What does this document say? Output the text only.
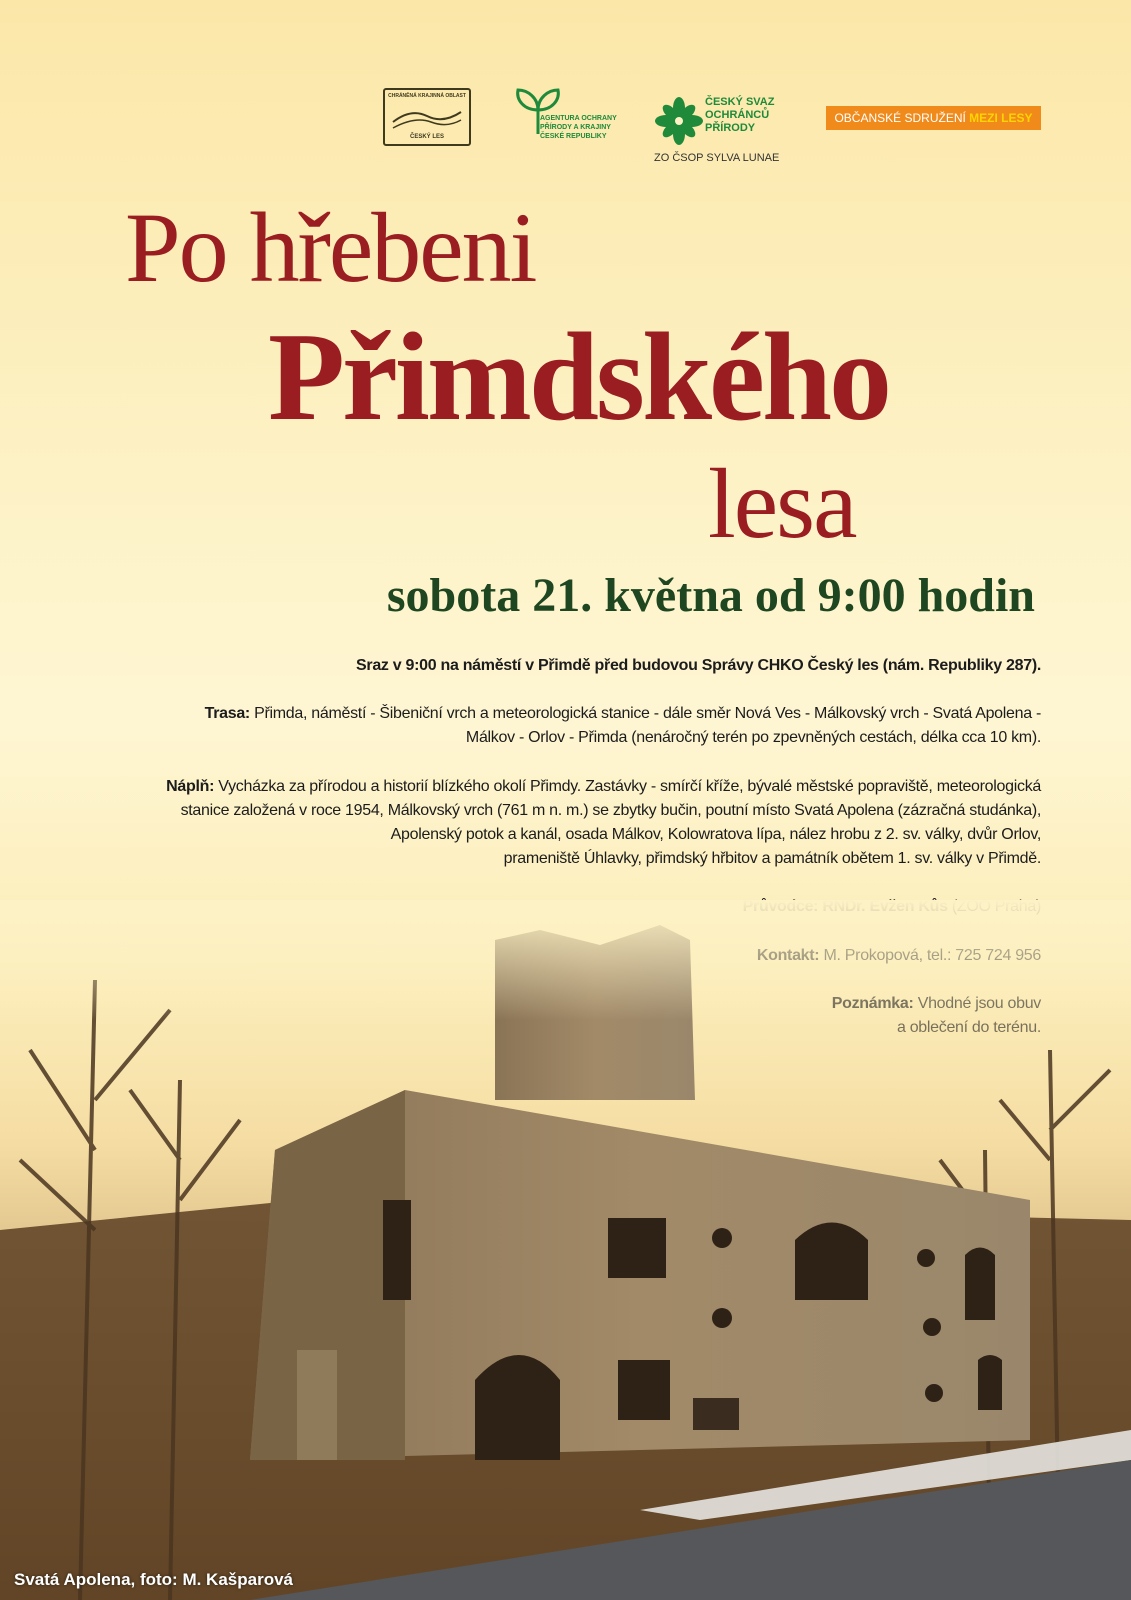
CHRÁNĚNÁ KRAJINNÁ OBLAST
ČESKÝ LES
AGENTURA OCHRANY
PŘÍRODY A KRAJINY
ČESKÉ REPUBLIKY
ČESKÝ SVAZ
OCHRÁNCŮ
PŘÍRODY
ZO ČSOP SYLVA LUNAE
OBČANSKÉ SDRUŽENÍ MEZI LESY
Po hřebeni
Přimdského
lesa
sobota 21. května od 9:00 hodin
Sraz v 9:00 na náměstí v Přimdě před budovou Správy CHKO Český les (nám. Republiky 287).
Trasa: Přimda, náměstí - Šibeniční vrch a meteorologická stanice - dále směr Nová Ves - Málkovský vrch - Svatá Apolena -
Málkov - Orlov - Přimda (nenáročný terén po zpevněných cestách, délka cca 10 km).
Náplň: Vycházka za přírodou a historií blízkého okolí Přimdy. Zastávky - smírčí kříže, bývalé městské popraviště, meteorologická
stanice založená v roce 1954, Málkovský vrch (761 m n. m.) se zbytky bučin, poutní místo Svatá Apolena (zázračná studánka),
Apolenský potok a kanál, osada Málkov, Kolowratova lípa, nález hrobu z 2. sv. války, dvůr Orlov,
prameniště Úhlavky, přimdský hřbitov a památník obětem 1. sv. války v Přimdě.
Svatá Apolena, foto: M. Kašparová
